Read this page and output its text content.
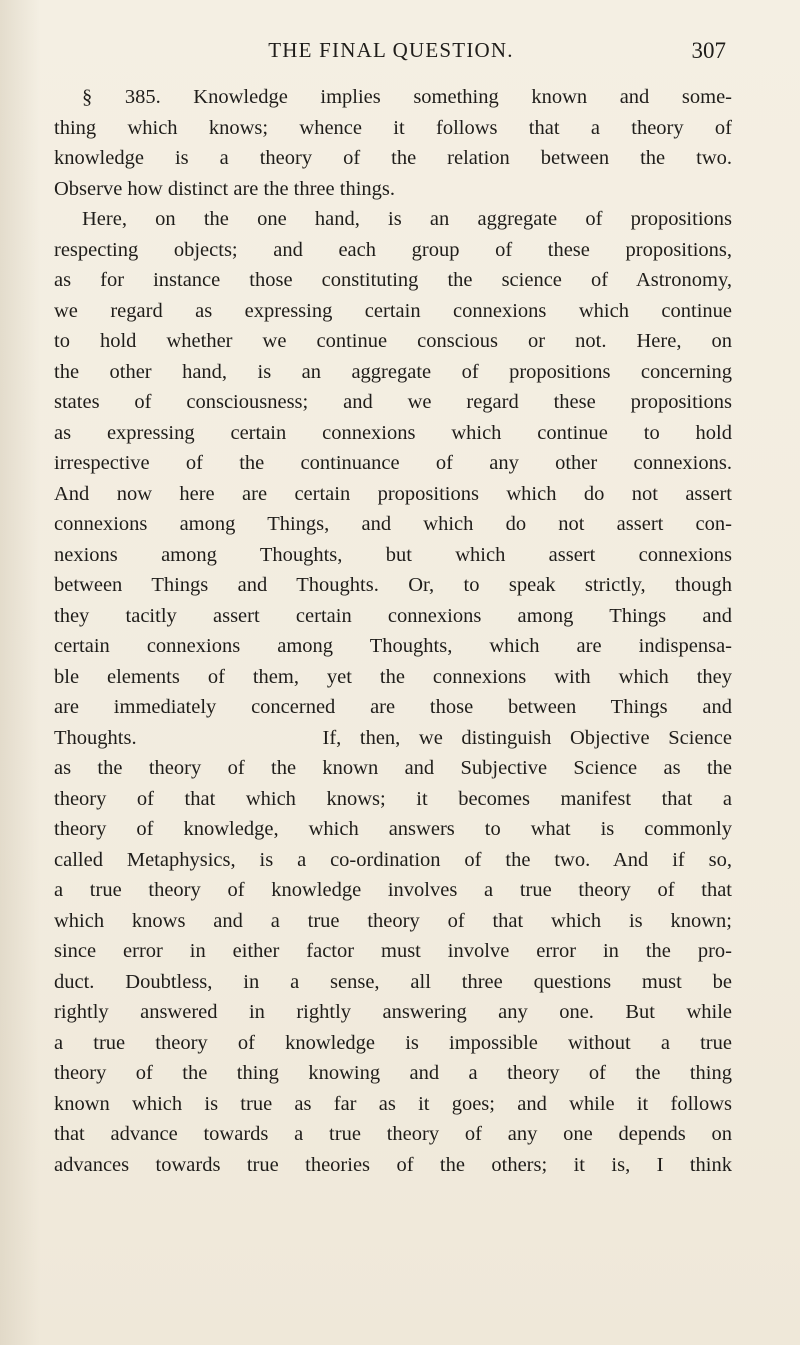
THE FINAL QUESTION.	307
§ 385. Knowledge implies something known and some-
thing which knows; whence it follows that a theory of
knowledge is a theory of the relation between the two.
Observe how distinct are the three things.
Here, on the one hand, is an aggregate of propositions
respecting objects; and each group of these propositions,
as for instance those constituting the science of Astronomy,
we regard as expressing certain connexions which continue
to hold whether we continue conscious or not. Here, on
the other hand, is an aggregate of propositions concerning
states of consciousness; and we regard these propositions
as expressing certain connexions which continue to hold
irrespective of the continuance of any other connexions.
And now here are certain propositions which do not assert
connexions among Things, and which do not assert con-
nexions among Thoughts, but which assert connexions
between Things and Thoughts. Or, to speak strictly, though
they tacitly assert certain connexions among Things and
certain connexions among Thoughts, which are indispensa-
ble elements of them, yet the connexions with which they
are immediately concerned are those between Things and
Thoughts.          If, then, we distinguish Objective Science
as the theory of the known and Subjective Science as the
theory of that which knows; it becomes manifest that a
theory of knowledge, which answers to what is commonly
called Metaphysics, is a co-ordination of the two. And if so,
a true theory of knowledge involves a true theory of that
which knows and a true theory of that which is known;
since error in either factor must involve error in the pro-
duct. Doubtless, in a sense, all three questions must be
rightly answered in rightly answering any one. But while
a true theory of knowledge is impossible without a true
theory of the thing knowing and a theory of the thing
known which is true as far as it goes; and while it follows
that advance towards a true theory of any one depends on
advances towards true theories of the others; it is, I think
